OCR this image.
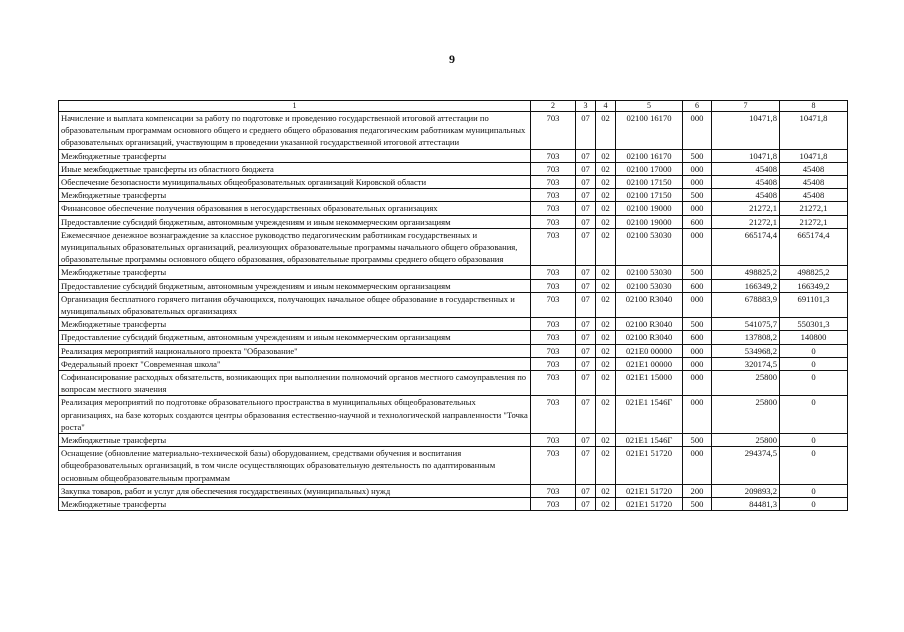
9
1	2	3	4	5	6	7	8
Начисление и выплата компенсации за работу по подготовке и проведению государственной итоговой аттестации по образовательным программам основного общего и среднего общего образования педагогическим работникам муниципальных образовательных организаций, участвующим в проведении указанной государственной итоговой аттестации	703	07	02	02100 16170	000	10471,8	10471,8
Межбюджетные трансферты	703	07	02	02100 16170	500	10471,8	10471,8
Иные межбюджетные трансферты из областного бюджета	703	07	02	02100 17000	000	45408	45408
Обеспечение безопасности муниципальных общеобразовательных организаций Кировской области	703	07	02	02100 17150	000	45408	45408
Межбюджетные трансферты	703	07	02	02100 17150	500	45408	45408
Финансовое обеспечение получения образования в негосударственных образовательных организациях	703	07	02	02100 19000	000	21272,1	21272,1
Предоставление субсидий бюджетным, автономным учреждениям и иным некоммерческим организациям	703	07	02	02100 19000	600	21272,1	21272,1
Ежемесячное денежное вознаграждение за классное руководство педагогическим работникам государственных и муниципальных образовательных организаций, реализующих образовательные программы начального общего образования, образовательные программы основного общего образования, образовательные программы среднего общего образования	703	07	02	02100 53030	000	665174,4	665174,4
Межбюджетные трансферты	703	07	02	02100 53030	500	498825,2	498825,2
Предоставление субсидий бюджетным, автономным учреждениям и иным некоммерческим организациям	703	07	02	02100 53030	600	166349,2	166349,2
Организация бесплатного горячего питания обучающихся, получающих начальное общее образование в государственных и муниципальных образовательных организациях	703	07	02	02100 R3040	000	678883,9	691101,3
Межбюджетные трансферты	703	07	02	02100 R3040	500	541075,7	550301,3
Предоставление субсидий бюджетным, автономным учреждениям и иным некоммерческим организациям	703	07	02	02100 R3040	600	137808,2	140800
Реализация мероприятий национального проекта "Образование"	703	07	02	021E0 00000	000	534968,2	0
Федеральный проект "Современная школа"	703	07	02	021E1 00000	000	320174,5	0
Софинансирование расходных обязательств, возникающих при выполнении полномочий органов местного самоуправления по вопросам местного значения	703	07	02	021E1 15000	000	25800	0
Реализация мероприятий по подготовке образовательного пространства в муниципальных общеобразовательных организациях, на базе которых создаются центры образования естественно-научной и технологической направленности "Точка роста"	703	07	02	021E1 1546Г	000	25800	0
Межбюджетные трансферты	703	07	02	021E1 1546Г	500	25800	0
Оснащение (обновление материально-технической базы) оборудованием, средствами обучения и воспитания общеобразовательных организаций, в том числе осуществляющих образовательную деятельность по адаптированным основным общеобразовательным программам	703	07	02	021E1 51720	000	294374,5	0
Закупка товаров, работ и услуг для обеспечения государственных (муниципальных) нужд	703	07	02	021E1 51720	200	209893,2	0
Межбюджетные трансферты	703	07	02	021E1 51720	500	84481,3	0
